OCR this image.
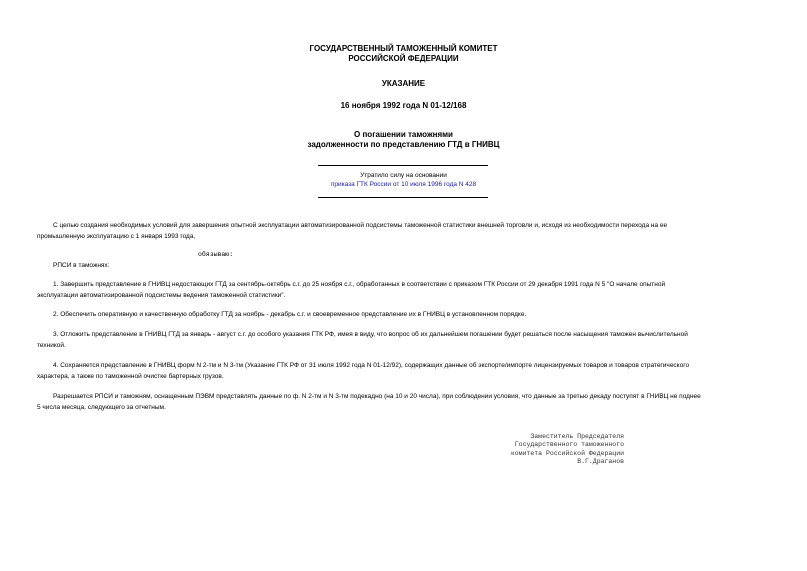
ГОСУДАРСТВЕННЫЙ ТАМОЖЕННЫЙ КОМИТЕТ
РОССИЙСКОЙ ФЕДЕРАЦИИ
УКАЗАНИЕ
16 ноября 1992 года N 01-12/168
О погашении таможнями
задолженности по представлению ГТД в ГНИВЦ
Утратило силу на основании
приказа ГТК России от 10 июля 1996 года N 428
С целью создания необходимых условий для завершения опытной эксплуатации автоматизированной подсистемы таможенной статистики внешней торговли и, исходя из необходимости перехода на ее
промышленную эксплуатацию с 1 января 1993 года,
обязываю:
РПСИ в таможнях:
1. Завершить представление в ГНИВЦ недостающих ГТД за сентябрь-октябрь с.г. до 25 ноября с.г., обработанных в соответствии с приказом ГТК России от 29 декабря 1991 года N 5 "О начале опытной
эксплуатации автоматизированной подсистемы ведения таможенной статистики".
2. Обеспечить оперативную и качественную обработку ГТД за ноябрь - декабрь с.г. и своевременное представление их в ГНИВЦ в установленном порядке.
3. Отложить представление в ГНИВЦ ГТД за январь - август с.г. до особого указания ГТК РФ, имея в виду, что вопрос об их дальнейшем погашении будет решаться после насыщения таможен вычислительной
техникой.
4. Сохраняется представление в ГНИВЦ форм N 2-тм и N 3-тм (Указание ГТК РФ от 31 июля 1992 года N 01-12/92), содержащих данные об экспорте/импорте лицензируемых товаров и товаров стратегического
характера, а также по таможенной очистке бартерных грузов.
Разрешается РПСИ и таможням, оснащенным ПЭВМ представлять данные по ф. N 2-тм и N 3-тм подекадно (на 10 и 20 числа), при соблюдении условия, что данные за третью декаду поступят в ГНИВЦ не поднее
5 числа месяца, следующего за отчетным.
Заместитель Председателя
Государственного таможенного
комитета Российской Федерации
В.Г.Драганов
